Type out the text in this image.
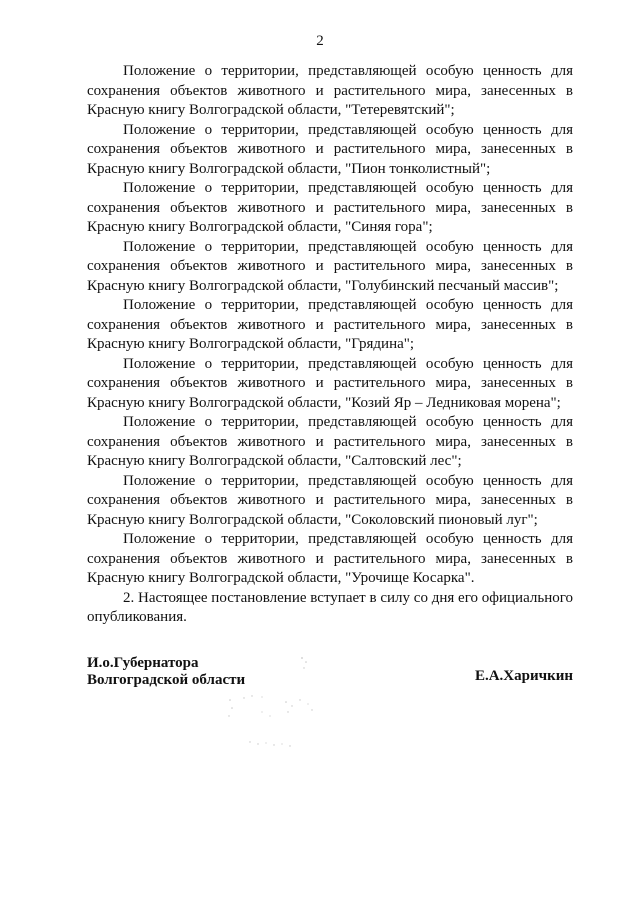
2

Положение о территории, представляющей особую ценность для сохранения объектов животного и растительного мира, занесенных в Красную книгу Волгоградской области, "Тетеревятский";

Положение о территории, представляющей особую ценность для сохранения объектов животного и растительного мира, занесенных в Красную книгу Волгоградской области, "Пион тонколистный";

Положение о территории, представляющей особую ценность для сохранения объектов животного и растительного мира, занесенных в Красную книгу Волгоградской области, "Синяя гора";

Положение о территории, представляющей особую ценность для сохранения объектов животного и растительного мира, занесенных в Красную книгу Волгоградской области, "Голубинский песчаный массив";

Положение о территории, представляющей особую ценность для сохранения объектов животного и растительного мира, занесенных в Красную книгу Волгоградской области, "Грядина";

Положение о территории, представляющей особую ценность для сохранения объектов животного и растительного мира, занесенных в Красную книгу Волгоградской области, "Козий Яр – Ледниковая морена";

Положение о территории, представляющей особую ценность для сохранения объектов животного и растительного мира, занесенных в Красную книгу Волгоградской области, "Салтовский лес";

Положение о территории, представляющей особую ценность для сохранения объектов животного и растительного мира, занесенных в Красную книгу Волгоградской области, "Соколовский пионовый луг";

Положение о территории, представляющей особую ценность для сохранения объектов животного и растительного мира, занесенных в Красную книгу Волгоградской области, "Урочище Косарка".

2. Настоящее постановление вступает в силу со дня его официального опубликования.

И.о.Губернатора
Волгоградской области	Е.А.Харичкин
